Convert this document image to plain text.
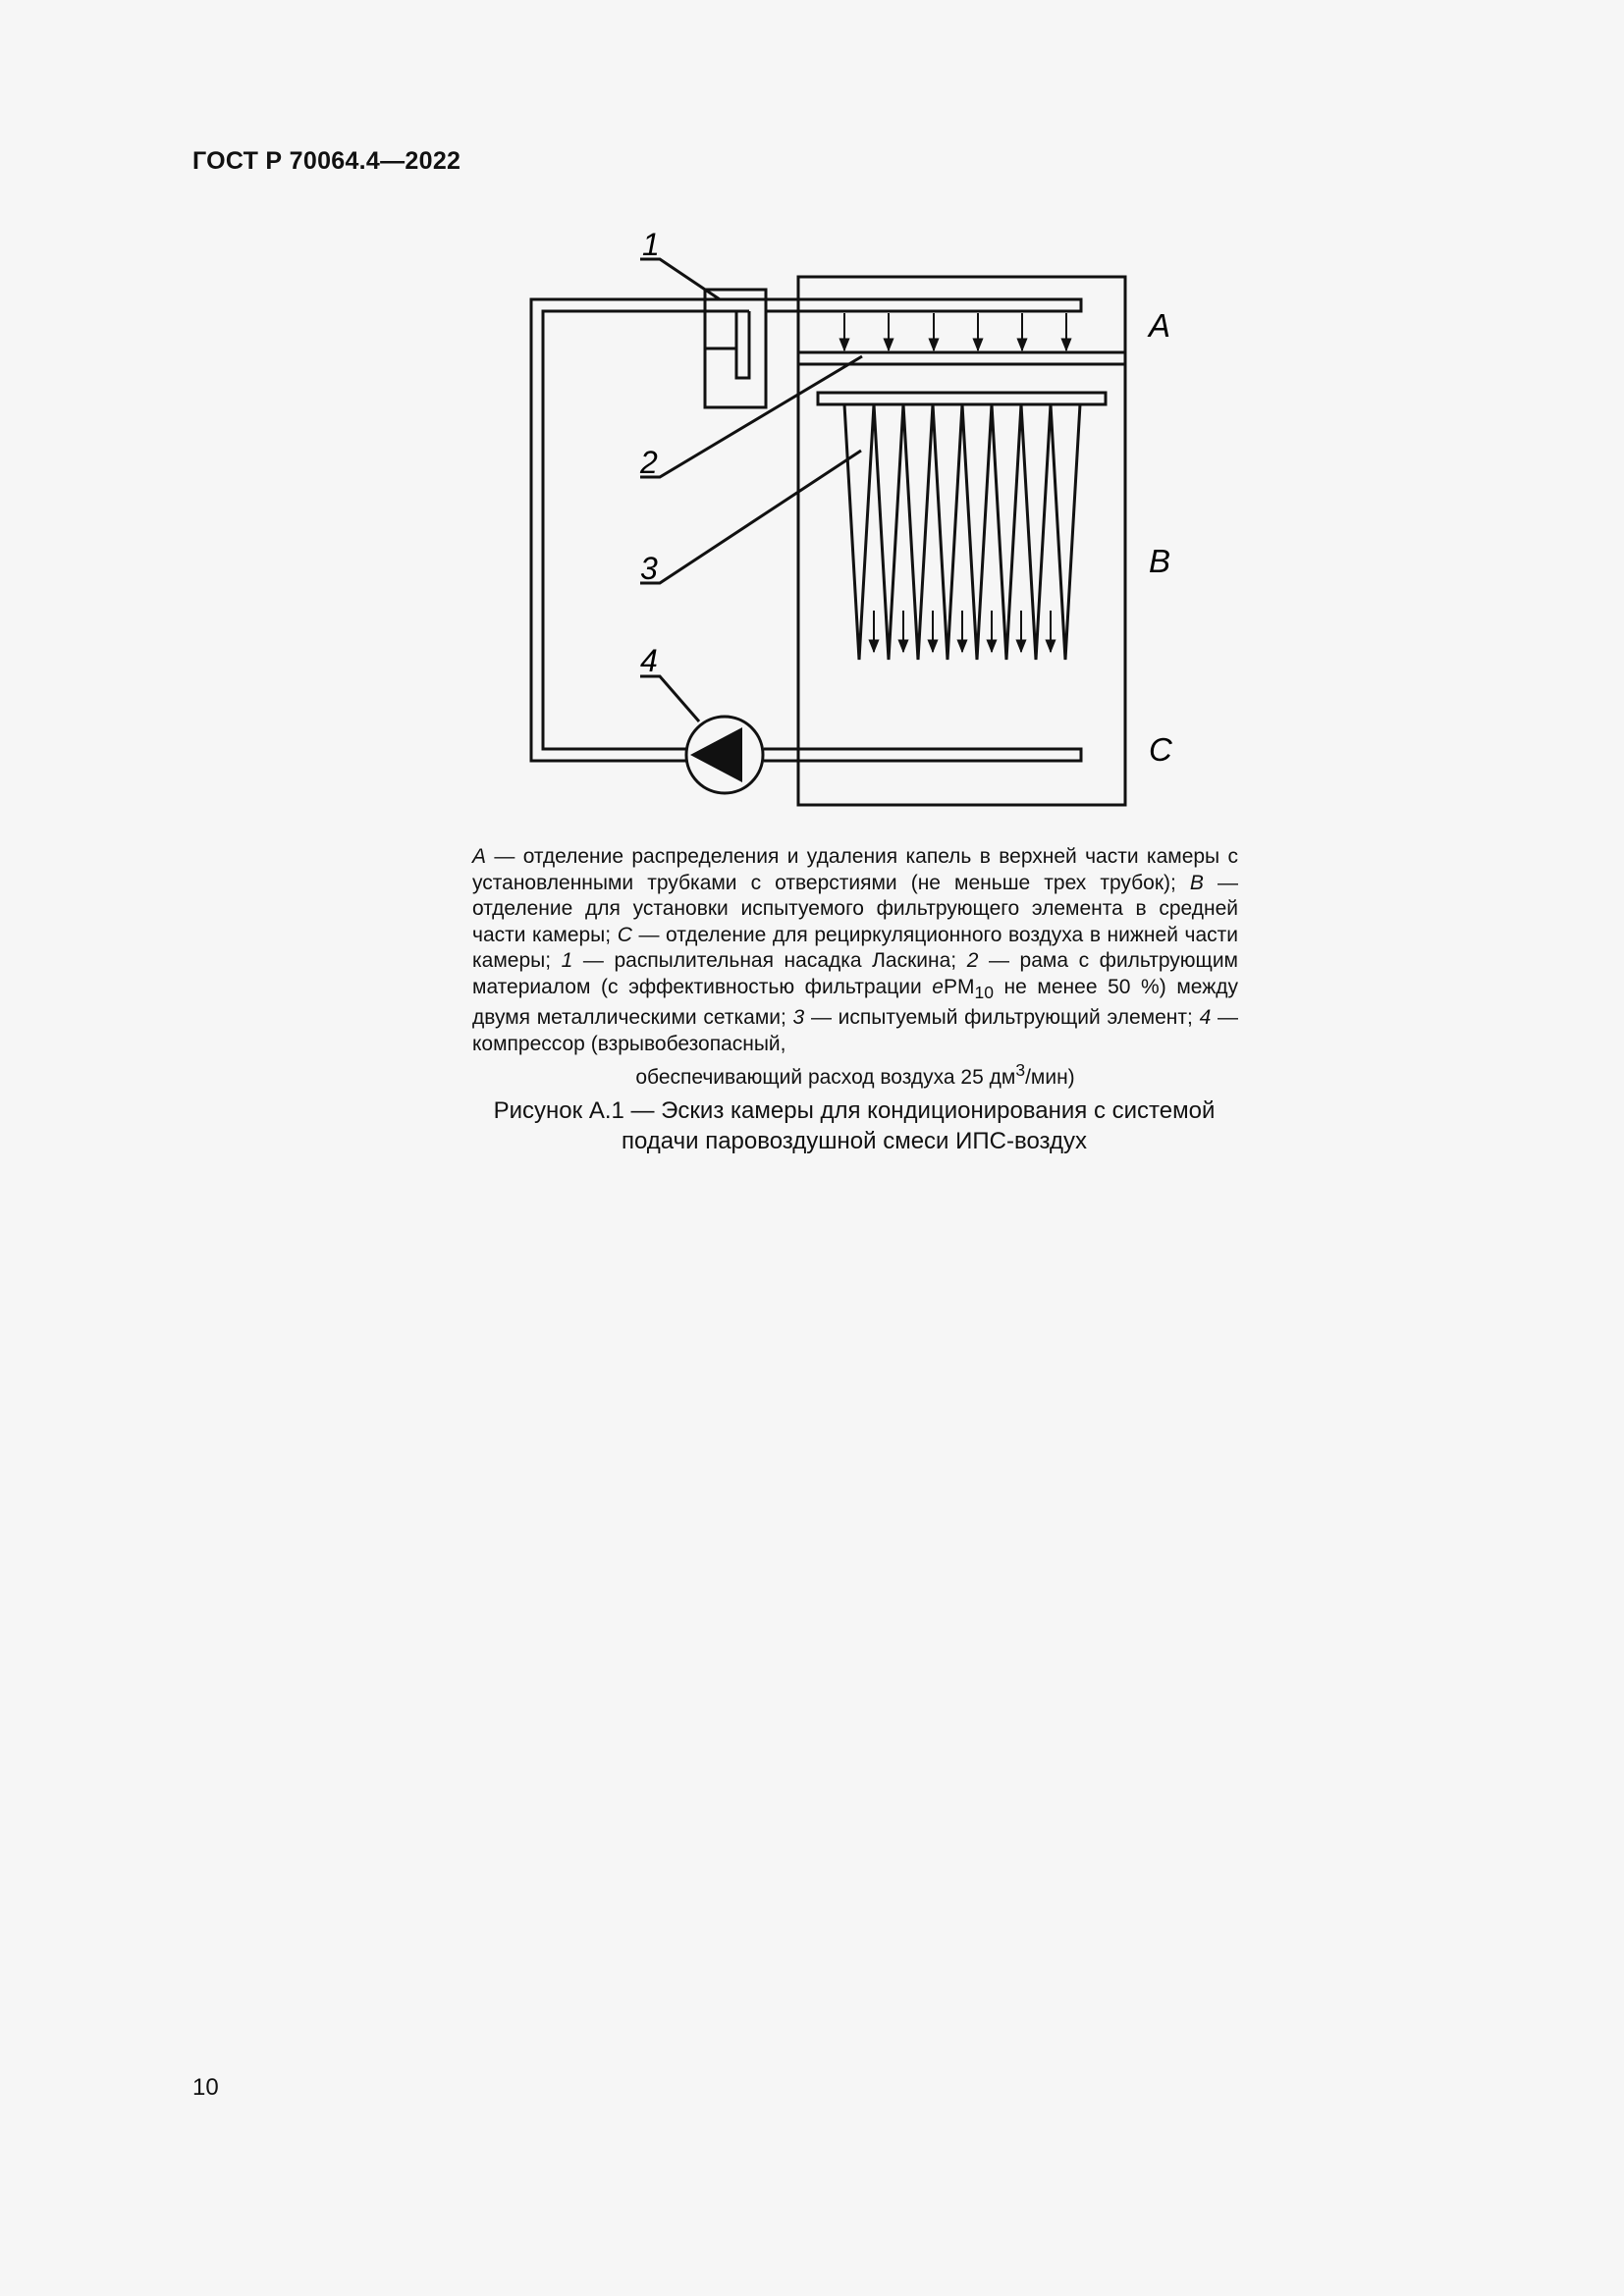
ГОСТ Р 70064.4—2022
1
2
3
4
A
B
C

A — отделение распределения и удаления капель в верхней части камеры с установленными трубками с отверстиями (не меньше трех трубок); B — отделение для установки испытуемого фильтрующего элемента в средней части камеры; C — отделение для рециркуляционного воздуха в нижней части камеры; 1 — распылительная насадка Ласкина; 2 — рама с фильтрующим материалом (с эффективностью фильтрации ePM$_{10}$ не менее 50 %) между двумя металлическими сетками; 3 — испытуемый фильтрующий элемент; 4 — компрессор (взрывобезопасный,

обеспечивающий расход воздуха 25 $дм^3/мин$)

Рисунок А.1 — Эскиз камеры для кондиционирования с системой
подачи паровоздушной смеси ИПС-воздух
10
